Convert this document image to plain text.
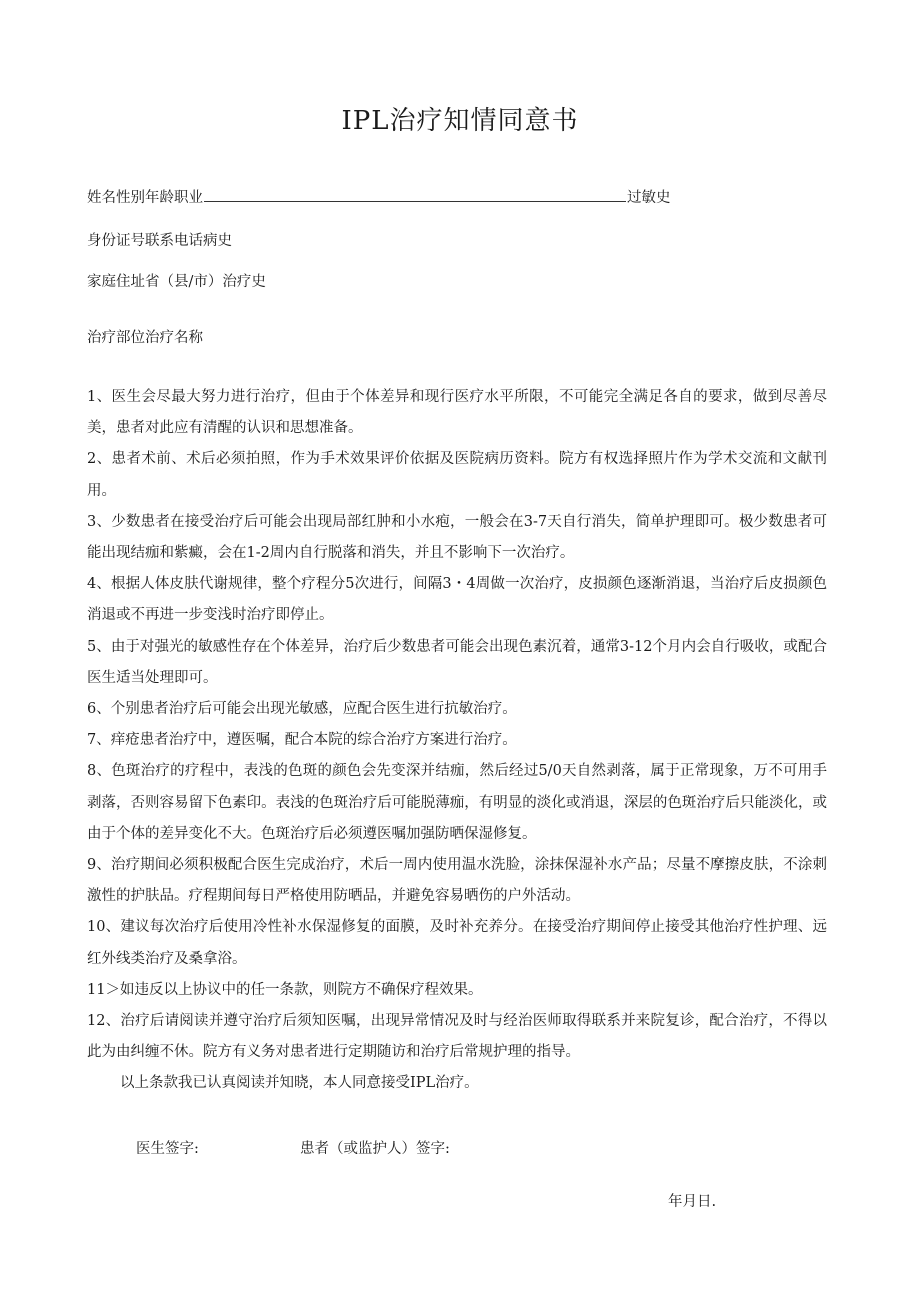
IPL治疗知情同意书
姓名性别年龄职业	过敏史
身份证号联系电话病史
家庭住址省（县/市）治疗史
治疗部位治疗名称

1、医生会尽最大努力进行治疗，但由于个体差异和现行医疗水平所限，不可能完全满足各自的要求，做到尽善尽美，患者对此应有清醒的认识和思想准备。

2、患者术前、术后必须拍照，作为手术效果评价依据及医院病历资料。院方有权选择照片作为学术交流和文献刊用。

3、少数患者在接受治疗后可能会出现局部红肿和小水疱，一般会在3-7天自行消失，简单护理即可。极少数患者可能出现结痂和紫癜，会在1-2周内自行脱落和消失，并且不影响下一次治疗。

4、根据人体皮肤代谢规律，整个疗程分5次进行，间隔3・4周做一次治疗，皮损颜色逐渐消退，当治疗后皮损颜色消退或不再进一步变浅时治疗即停止。

5、由于对强光的敏感性存在个体差异，治疗后少数患者可能会出现色素沉着，通常3-12个月内会自行吸收，或配合医生适当处理即可。

6、个别患者治疗后可能会出现光敏感，应配合医生进行抗敏治疗。

7、痒疮患者治疗中，遵医嘱，配合本院的综合治疗方案进行治疗。

8、色斑治疗的疗程中，表浅的色斑的颜色会先变深并结痂，然后经过5/0天自然剥落，属于正常现象，万不可用手剥落，否则容易留下色素印。表浅的色斑治疗后可能脱薄痂，有明显的淡化或消退，深层的色斑治疗后只能淡化，或由于个体的差异变化不大。色斑治疗后必须遵医嘱加强防晒保湿修复。

9、治疗期间必须积极配合医生完成治疗，术后一周内使用温水洗脸，涂抹保湿补水产品；尽量不摩擦皮肤，不涂刺激性的护肤品。疗程期间每日严格使用防晒品，并避免容易晒伤的户外活动。

10、建议每次治疗后使用冷性补水保湿修复的面膜，及时补充养分。在接受治疗期间停止接受其他治疗性护理、远红外线类治疗及桑拿浴。

11＞如违反以上协议中的任一条款，则院方不确保疗程效果。

12、治疗后请阅读并遵守治疗后须知医嘱，出现异常情况及时与经治医师取得联系并来院复诊，配合治疗，不得以此为由纠缠不休。院方有义务对患者进行定期随访和治疗后常规护理的指导。

以上条款我已认真阅读并知晓，本人同意接受IPL治疗。

医生签字:	患者（或监护人）签字:
年月日.
